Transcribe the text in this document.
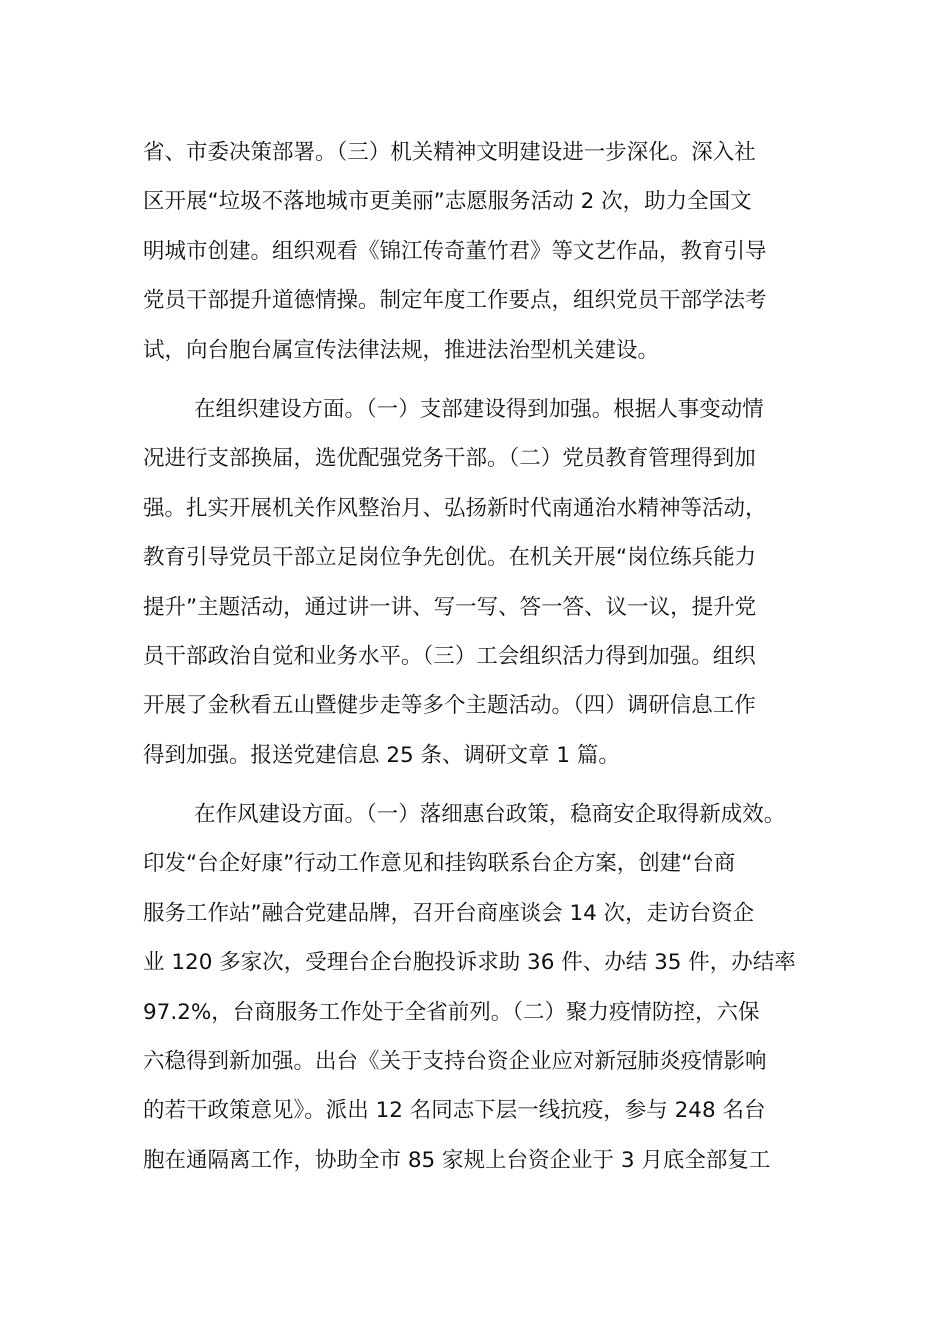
省、市委决策部署。（三）机关精神文明建设进一步深化。深入社
区开展“垃圾不落地城市更美丽”志愿服务活动 2 次，助力全国文
明城市创建。组织观看《锦江传奇董竹君》等文艺作品，教育引导
党员干部提升道德情操。制定年度工作要点，组织党员干部学法考
试，向台胞台属宣传法律法规，推进法治型机关建设。
在组织建设方面。（一）支部建设得到加强。根据人事变动情
况进行支部换届，选优配强党务干部。（二）党员教育管理得到加
强。扎实开展机关作风整治月、弘扬新时代南通治水精神等活动，
教育引导党员干部立足岗位争先创优。在机关开展“岗位练兵能力
提升”主题活动，通过讲一讲、写一写、答一答、议一议，提升党
员干部政治自觉和业务水平。（三）工会组织活力得到加强。组织
开展了金秋看五山暨健步走等多个主题活动。（四）调研信息工作
得到加强。报送党建信息 25 条、调研文章 1 篇。
在作风建设方面。（一）落细惠台政策，稳商安企取得新成效。
印发“台企好康”行动工作意见和挂钩联系台企方案，创建“台商
服务工作站”融合党建品牌，召开台商座谈会 14 次，走访台资企
业 120 多家次，受理台企台胞投诉求助 36 件、办结 35 件，办结率
97.2%，台商服务工作处于全省前列。（二）聚力疫情防控，六保
六稳得到新加强。出台《关于支持台资企业应对新冠肺炎疫情影响
的若干政策意见》。派出 12 名同志下层一线抗疫，参与 248 名台
胞在通隔离工作，协助全市 85 家规上台资企业于 3 月底全部复工
